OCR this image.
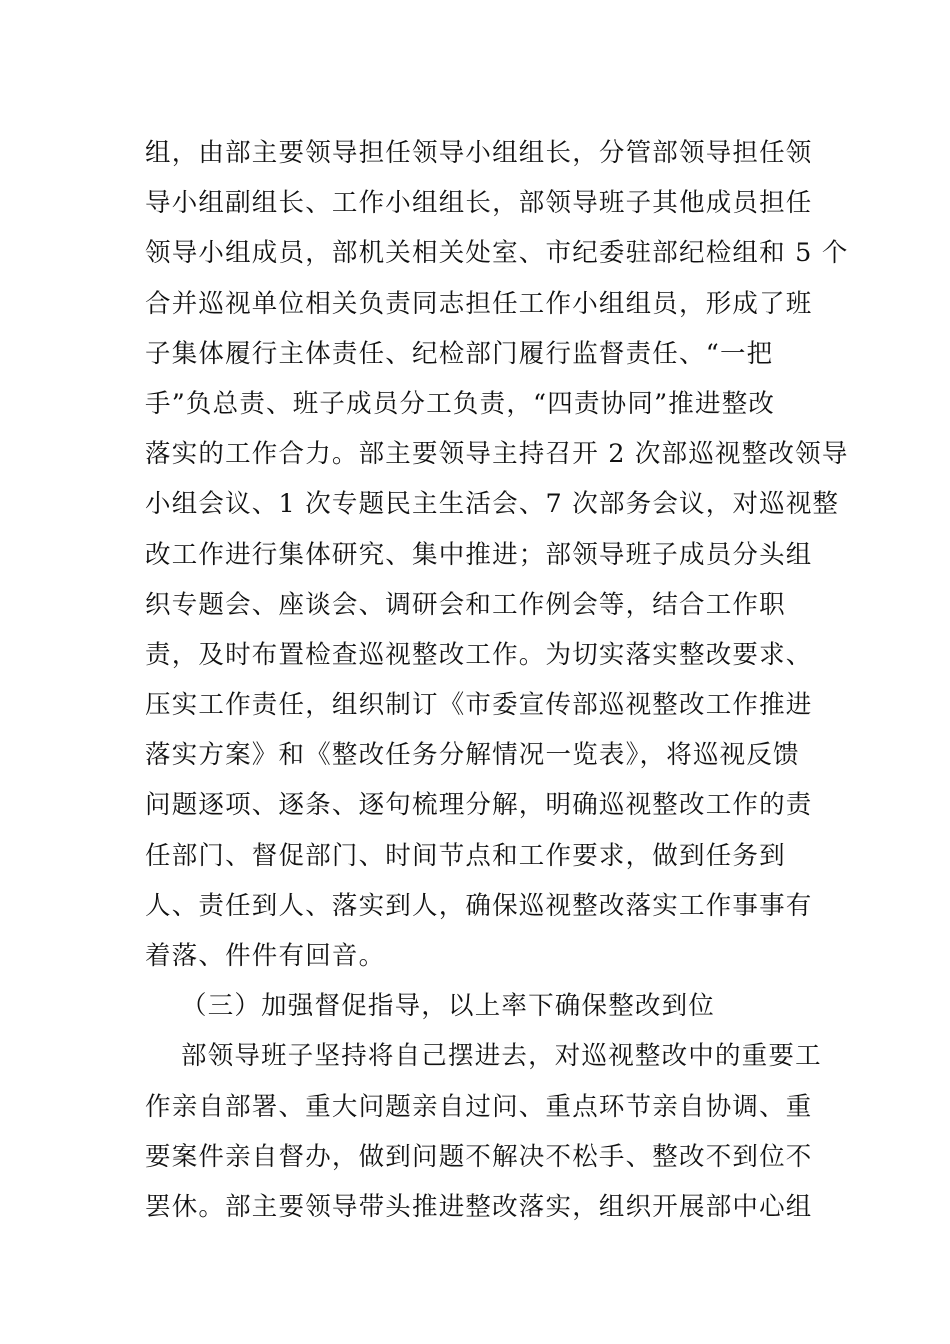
组，由部主要领导担任领导小组组长，分管部领导担任领
导小组副组长、工作小组组长，部领导班子其他成员担任
领导小组成员，部机关相关处室、市纪委驻部纪检组和 5 个
合并巡视单位相关负责同志担任工作小组组员，形成了班
子集体履行主体责任、纪检部门履行监督责任、“一把
手”负总责、班子成员分工负责，“四责协同”推进整改
落实的工作合力。部主要领导主持召开 2 次部巡视整改领导
小组会议、1 次专题民主生活会、7 次部务会议，对巡视整
改工作进行集体研究、集中推进；部领导班子成员分头组
织专题会、座谈会、调研会和工作例会等，结合工作职
责，及时布置检查巡视整改工作。为切实落实整改要求、
压实工作责任，组织制订《市委宣传部巡视整改工作推进
落实方案》和《整改任务分解情况一览表》，将巡视反馈
问题逐项、逐条、逐句梳理分解，明确巡视整改工作的责
任部门、督促部门、时间节点和工作要求，做到任务到
人、责任到人、落实到人，确保巡视整改落实工作事事有
着落、件件有回音。
（三）加强督促指导，以上率下确保整改到位
部领导班子坚持将自己摆进去，对巡视整改中的重要工
作亲自部署、重大问题亲自过问、重点环节亲自协调、重
要案件亲自督办，做到问题不解决不松手、整改不到位不
罢休。部主要领导带头推进整改落实，组织开展部中心组
